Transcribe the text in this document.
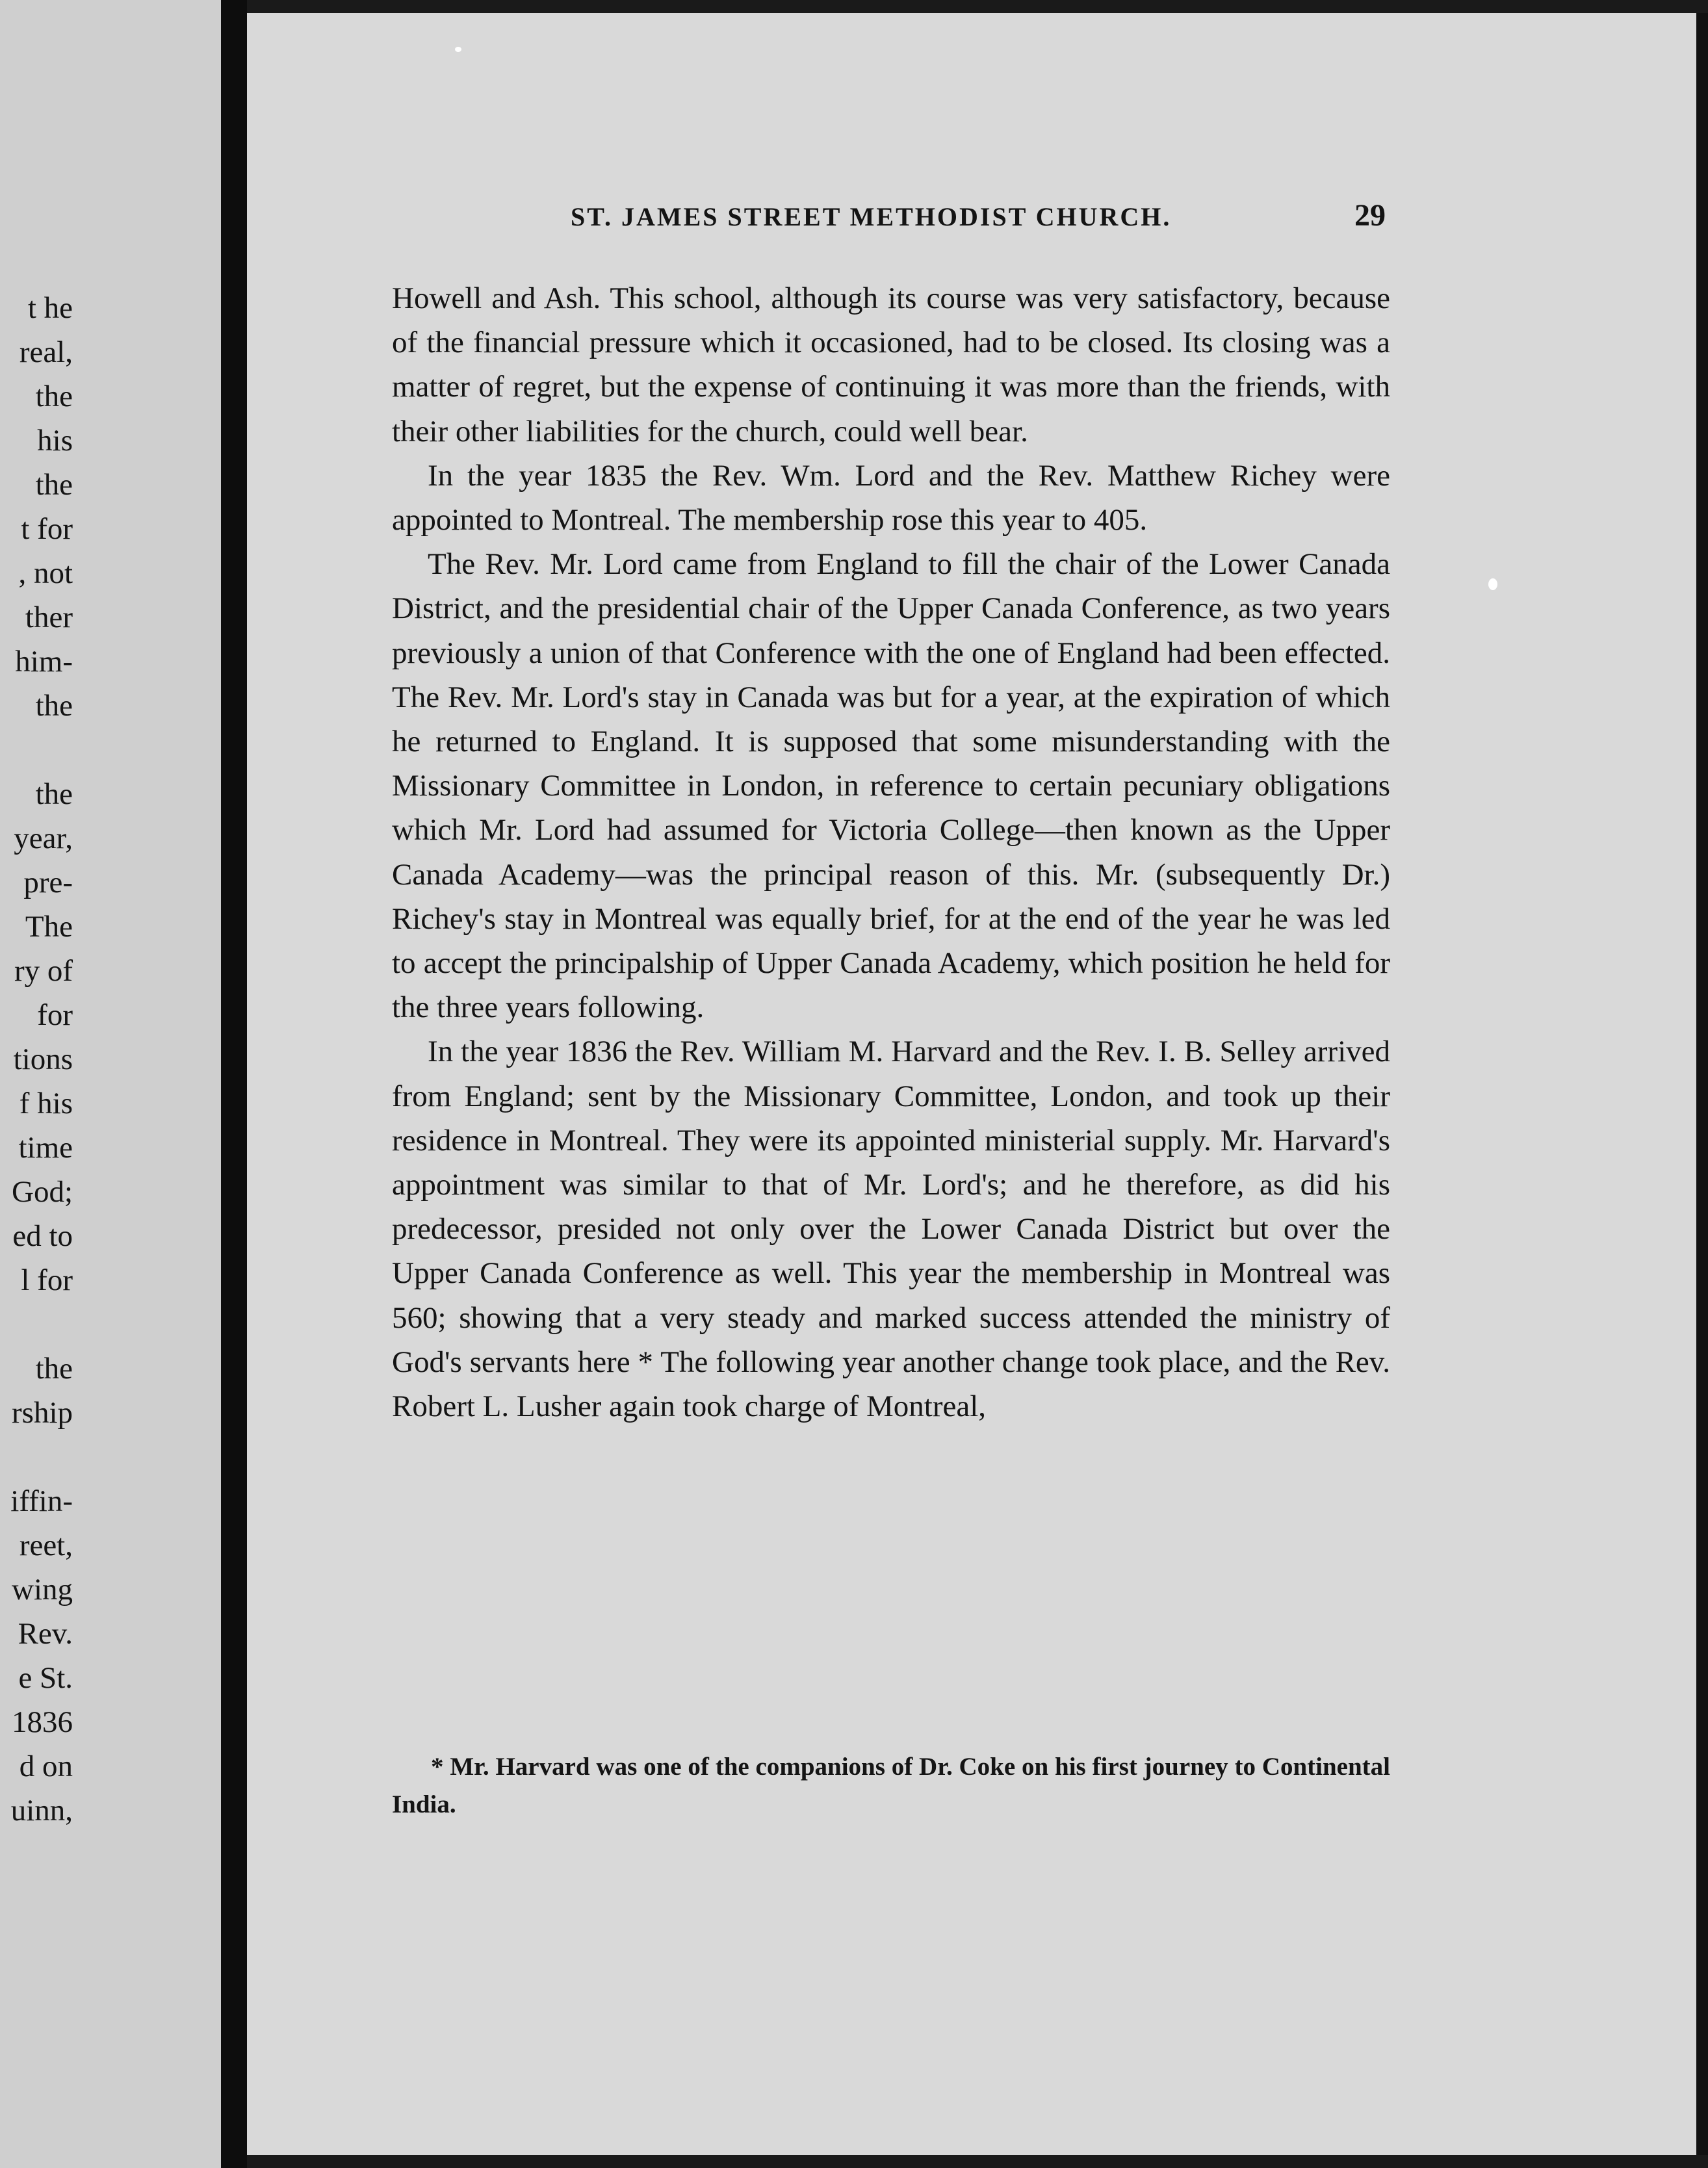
t he
real,
the
his
the
t for
, not
ther
him-
the
the
year,
pre-
The
ry of
for
tions
f his
time
God;
ed to
l for
the
rship
iffin-
reet,
wing
Rev.
e St.
1836
d on
uinn,
ST. JAMES STREET METHODIST CHURCH.	29

Howell and Ash. This school, although its course was very satisfactory, because of the financial pressure which it occasioned, had to be closed. Its closing was a matter of regret, but the expense of continuing it was more than the friends, with their other liabilities for the church, could well bear.

In the year 1835 the Rev. Wm. Lord and the Rev. Matthew Richey were appointed to Montreal. The membership rose this year to 405.

The Rev. Mr. Lord came from England to fill the chair of the Lower Canada District, and the presidential chair of the Upper Canada Conference, as two years previously a union of that Conference with the one of England had been effected. The Rev. Mr. Lord's stay in Canada was but for a year, at the expiration of which he returned to England. It is supposed that some misunderstanding with the Missionary Committee in London, in reference to certain pecuniary obligations which Mr. Lord had assumed for Victoria College—then known as the Upper Canada Academy—was the principal reason of this. Mr. (subsequently Dr.) Richey's stay in Montreal was equally brief, for at the end of the year he was led to accept the principalship of Upper Canada Academy, which position he held for the three years following.

In the year 1836 the Rev. William M. Harvard and the Rev. I. B. Selley arrived from England; sent by the Missionary Committee, London, and took up their residence in Montreal. They were its appointed ministerial supply. Mr. Harvard's appointment was similar to that of Mr. Lord's; and he therefore, as did his predecessor, presided not only over the Lower Canada District but over the Upper Canada Conference as well. This year the membership in Montreal was 560; showing that a very steady and marked success attended the ministry of God's servants here * The following year another change took place, and the Rev. Robert L. Lusher again took charge of Montreal,

* Mr. Harvard was one of the companions of Dr. Coke on his first journey to Continental India.
